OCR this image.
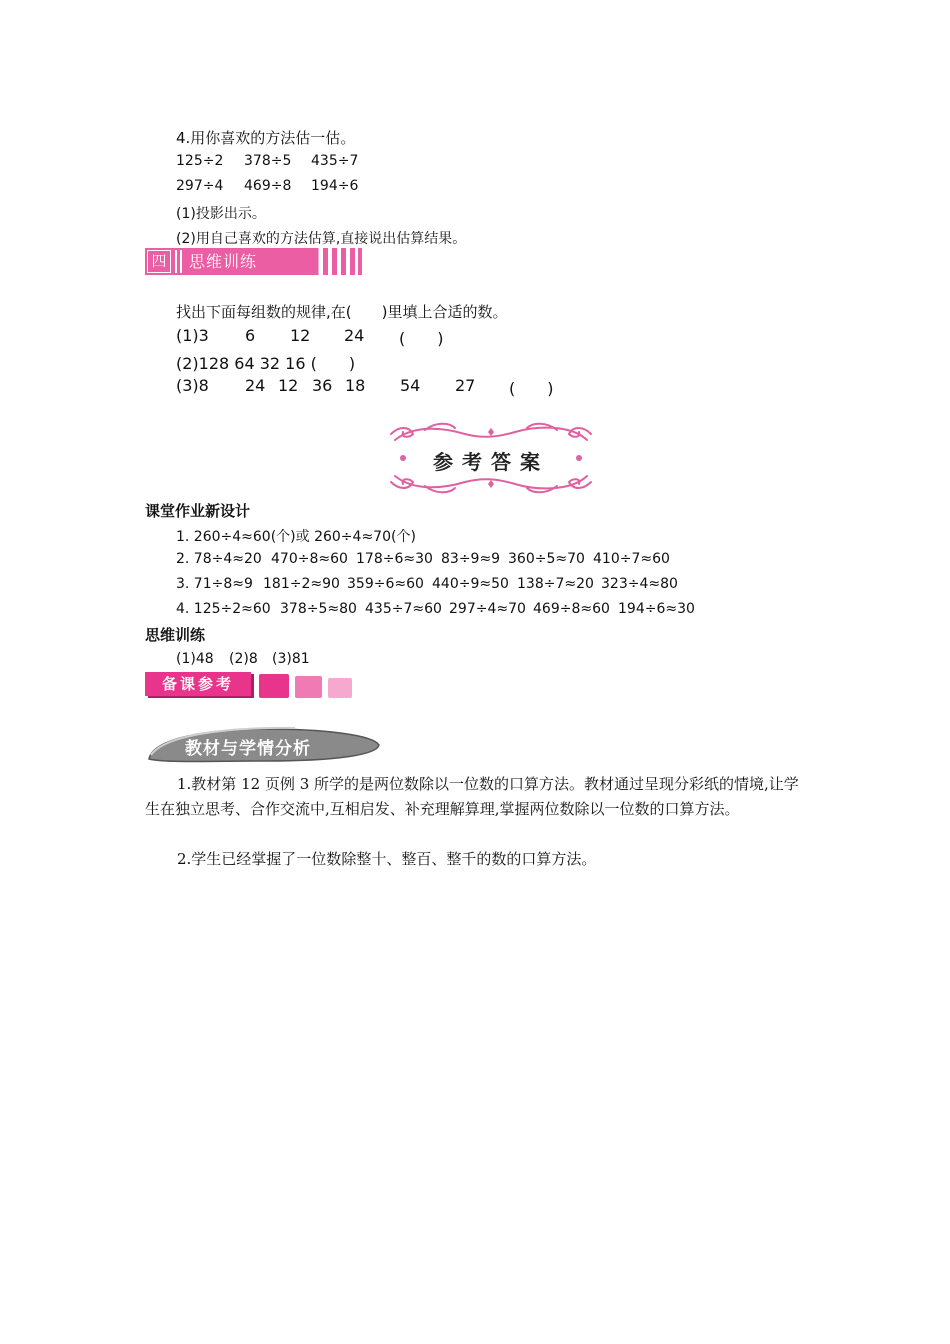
4.用你喜欢的方法估一估。
125÷2 378÷5 435÷7
297÷4 469÷8 194÷6
(1)投影出示。
(2)用自己喜欢的方法估算,直接说出估算结果。
四 思维训练
找出下面每组数的规律,在(　　)里填上合适的数。
(1)3 6 12 24 (　　)
(2)128 64 32 16 (　　)
(3)8 24 12 36 18 54 27 (　　)
参考答案
课堂作业新设计
1. 260÷4≈60(个)或 260÷4≈70(个)
2. 78÷4≈20 470÷8≈60 178÷6≈30 83÷9≈9 360÷5≈70 410÷7≈60
3. 71÷8≈9 181÷2≈90 359÷6≈60 440÷9≈50 138÷7≈20 323÷4≈80
4. 125÷2≈60 378÷5≈80 435÷7≈60 297÷4≈70 469÷8≈60 194÷6≈30
思维训练
(1)48 (2)8 (3)81
备课参考
教材与学情分析
1.教材第 12 页例 3 所学的是两位数除以一位数的口算方法。教材通过呈现分彩纸的情境,让学生在独立思考、合作交流中,互相启发、补充理解算理,掌握两位数除以一位数的口算方法。
2.学生已经掌握了一位数除整十、整百、整千的数的口算方法。
